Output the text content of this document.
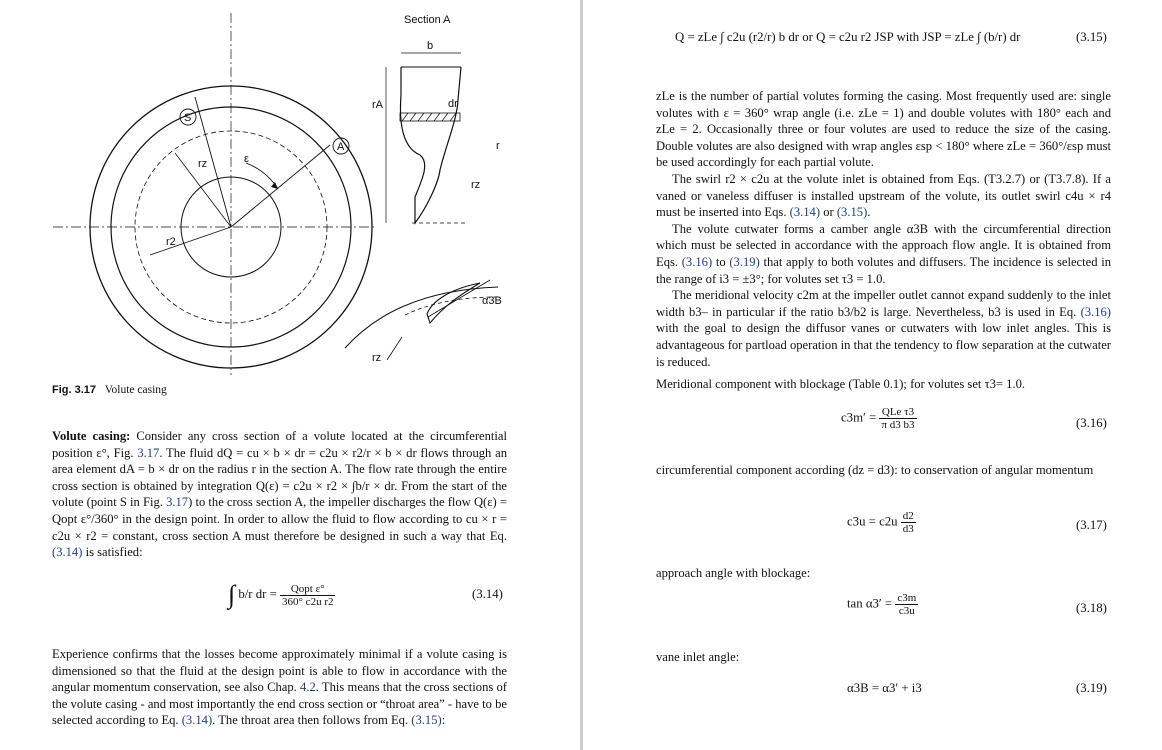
S
A
rz
r2
ε
Section A
b
rA	dr
r
rz
α3B
rz
Fig. 3.17 Volute casing
Volute casing: Consider any cross section of a volute located at the circumferential position ε°, Fig. 3.17. The fluid dQ = cu × b × dr = c2u × r2/r × b × dr flows through an area element dA = b × dr on the radius r in the section A. The flow rate through the entire cross section is obtained by integration Q(ε) = c2u × r2 × ∫b/r × dr. From the start of the volute (point S in Fig. 3.17) to the cross section A, the impeller discharges the flow Q(ε) = Qopt ε°/360° in the design point. In order to allow the fluid to flow according to cu × r = c2u × r2 = constant, cross section A must therefore be designed in such a way that Eq. (3.14) is satisfied:
∫ b/r dr = $\frac{\text{Qopt ε°}}{\text{360° c2u r2}}$	(3.14)
Experience confirms that the losses become approximately minimal if a volute casing is dimensioned so that the fluid at the design point is able to flow in accordance with the angular momentum conservation, see also Chap. 4.2. This means that the cross sections of the volute casing - and most importantly the end cross section or “throat area” - have to be selected according to Eq. (3.14). The throat area then follows from Eq. (3.15):
Q = zLe ∫ c2u (r2/r) b dr or Q = c2u r2 JSP with JSP = zLe ∫ (b/r) dr	(3.15)

zLe is the number of partial volutes forming the casing. Most frequently used are: single volutes with ε = 360° wrap angle (i.e. zLe = 1) and double volutes with 180° each and zLe = 2. Occasionally three or four volutes are used to reduce the size of the casing. Double volutes are also designed with wrap angles εsp < 180° where zLe = 360°/εsp must be used accordingly for each partial volute.

The swirl r2 × c2u at the volute inlet is obtained from Eqs. (T3.2.7) or (T3.7.8). If a vaned or vaneless diffuser is installed upstream of the volute, its outlet swirl c4u × r4 must be inserted into Eqs. (3.14) or (3.15).

The volute cutwater forms a camber angle α3B with the circumferential direction which must be selected in accordance with the approach flow angle. It is obtained from Eqs. (3.16) to (3.19) that apply to both volutes and diffusers. The incidence is selected in the range of i3 = ±3°; for volutes set τ3 = 1.0.

The meridional velocity c2m at the impeller outlet cannot expand suddenly to the inlet width b3– in particular if the ratio b3/b2 is large. Nevertheless, b3 is used in Eq. (3.16) with the goal to design the diffusor vanes or cutwaters with low inlet angles. This is advantageous for partload operation in that the tendency to flow separation at the cutwater is reduced.

Meridional component with blockage (Table 0.1); for volutes set τ3= 1.0.
$c3m' = \frac{\text{QLe τ3}}{\text{π d3 b3}}$	(3.16)
circumferential component according (dz = d3): to conservation of angular momentum
$c3u = c2u \frac{d2}{d3}$	(3.17)
approach angle with blockage:
$\tan \alpha 3' = \frac{c3m}{c3u}$	(3.18)
vane inlet angle:
α3B = α3′ + i3	(3.19)
